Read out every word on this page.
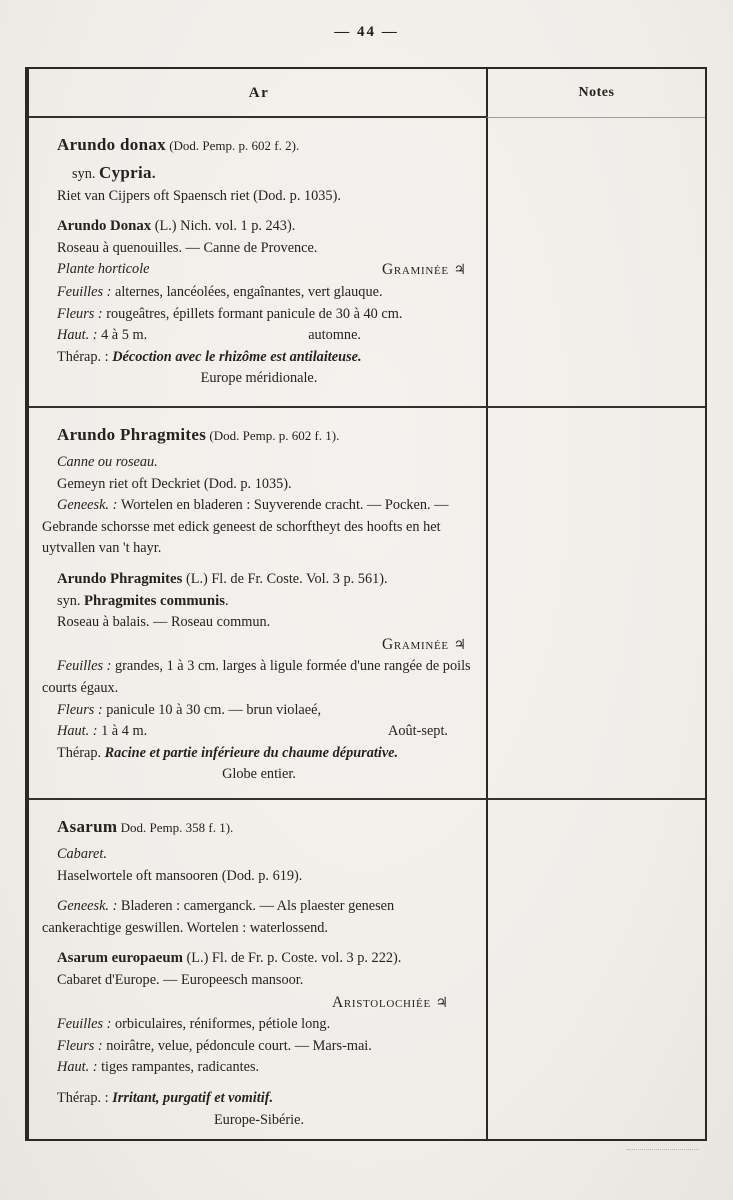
— 44 —
Ar	Notes
Arundo donax (Dod. Pemp. p. 602 f. 2).
syn. Cypria.
Riet van Cijpers oft Spaensch riet (Dod. p. 1035).
Arundo Donax (L.) Nich. vol. 1 p. 243).
Roseau à quenouilles. — Canne de Provence.
Plante horticole	Graminée ♃
Feuilles : alternes, lancéolées, engaînantes, vert glauque.
Fleurs : rougeâtres, épillets formant panicule de 30 à 40 cm.
Haut. : 4 à 5 m.	automne.
Thérap. : Décoction avec le rhizôme est antilaiteuse.
Europe méridionale.
Arundo Phragmites (Dod. Pemp. p. 602 f. 1).
Canne ou roseau.
Gemeyn riet oft Deckriet (Dod. p. 1035).
Geneesk. : Wortelen en bladeren : Suyverende cracht. — Pocken. — Gebrande schorsse met edick geneest de schorftheyt des hoofts en het uytvallen van 't hayr.
Arundo Phragmites (L.) Fl. de Fr. Coste. Vol. 3 p. 561).
syn. Phragmites communis.
Roseau à balais. — Roseau commun.
Graminée ♃
Feuilles : grandes, 1 à 3 cm. larges à ligule formée d'une rangée de poils courts égaux.
Fleurs : panicule 10 à 30 cm. — brun violaeé,
Haut. : 1 à 4 m.	Août-sept.
Thérap. Racine et partie inférieure du chaume dépurative.
Globe entier.
Asarum Dod. Pemp. 358 f. 1).
Cabaret.
Haselwortele oft mansooren (Dod. p. 619).
Geneesk. : Bladeren : camerganck. — Als plaester genesen cankerachtige geswillen. Wortelen : waterlossend.
Asarum europaeum (L.) Fl. de Fr. p. Coste. vol. 3 p. 222).
Cabaret d'Europe. — Europeesch mansoor.
Aristolochiée ♃
Feuilles : orbiculaires, réniformes, pétiole long.
Fleurs : noirâtre, velue, pédoncule court. — Mars-mai.
Haut. : tiges rampantes, radicantes.
Thérap. : Irritant, purgatif et vomitif.
Europe-Sibérie.
